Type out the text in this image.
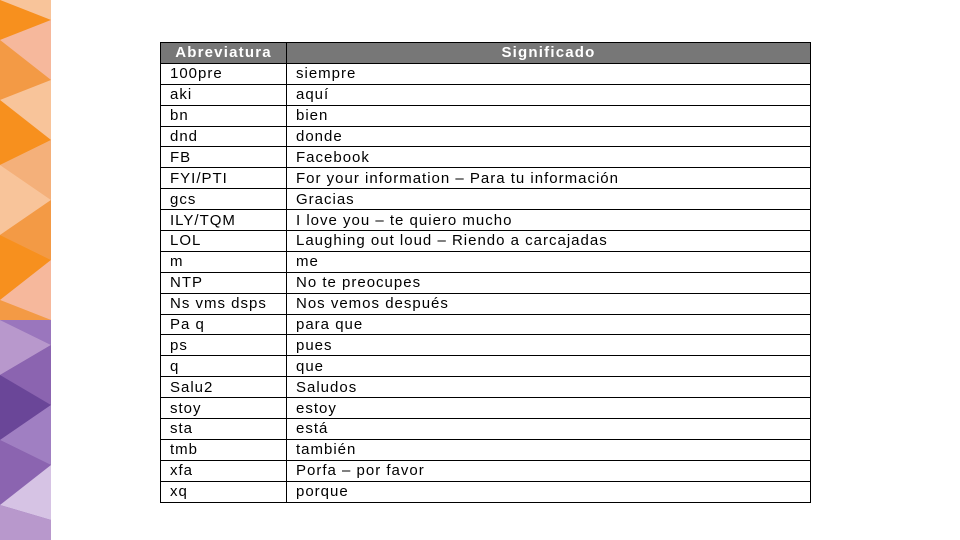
Abreviatura	Significado
100pre	siempre
aki	aquí
bn	bien
dnd	donde
FB	Facebook
FYI/PTI	For your information – Para tu información
gcs	Gracias
ILY/TQM	I love you – te quiero mucho
LOL	Laughing out loud – Riendo a carcajadas
m	me
NTP	No te preocupes
Ns vms dsps	Nos vemos después
Pa q	para que
ps	pues
q	que
Salu2	Saludos
stoy	estoy
sta	está
tmb	también
xfa	Porfa – por favor
xq	porque
